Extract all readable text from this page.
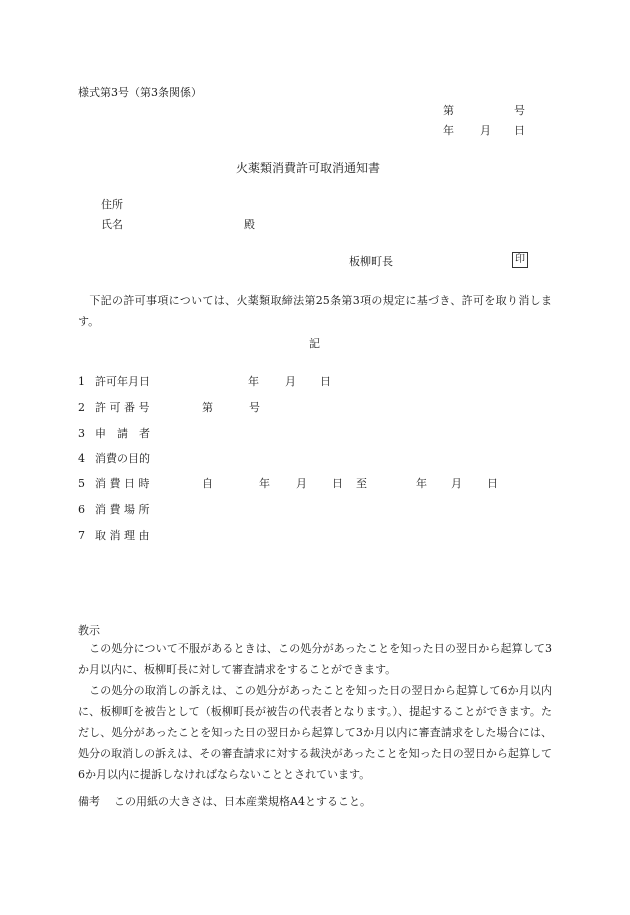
様式第3号（第3条関係）
第	号
年 月 日
火薬類消費許可取消通知書
住所
氏名	殿
板柳町長	印
　下記の許可事項については、火薬類取締法第25条第3項の規定に基づき、許可を取り消します。
記
1 許可年月日	年 月 日
2 許 可 番 号	第	号
3 申　請　者
4 消費の目的
5 消 費 日 時	自	年 月 日 至	年 月 日
6 消 費 場 所
7 取 消 理 由
教示
　この処分について不服があるときは、この処分があったことを知った日の翌日から起算して3か月以内に、板柳町長に対して審査請求をすることができます。
　この処分の取消しの訴えは、この処分があったことを知った日の翌日から起算して6か月以内に、板柳町を被告として（板柳町長が被告の代表者となります。）、提起することができます。ただし、処分があったことを知った日の翌日から起算して3か月以内に審査請求をした場合には、処分の取消しの訴えは、その審査請求に対する裁決があったことを知った日の翌日から起算して6か月以内に提訴しなければならないこととされています。
備考 この用紙の大きさは、日本産業規格A4とすること。
